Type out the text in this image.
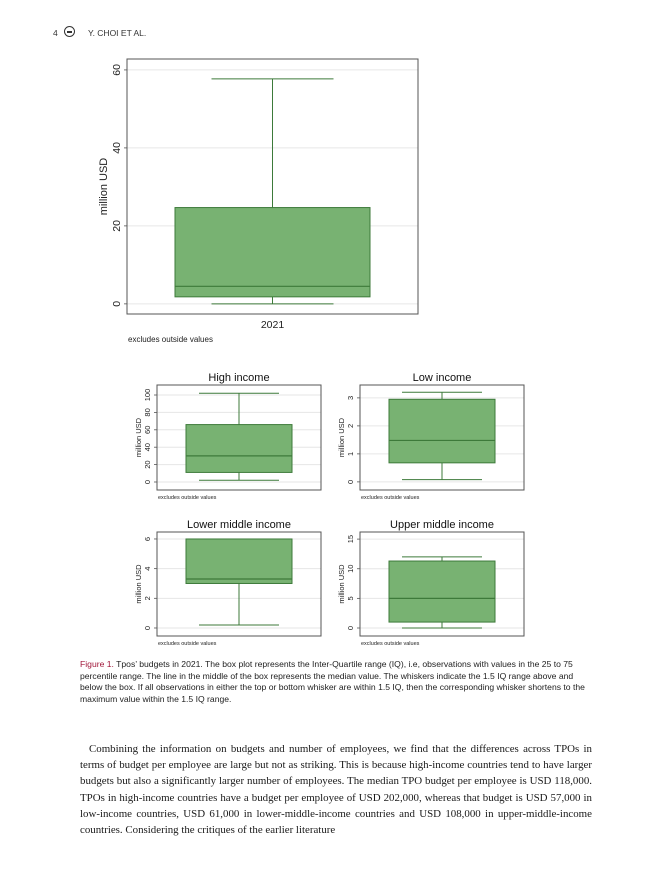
4	Y. CHOI ET AL.
0
20
40
60
million USD
2021
excludes outside values
0
20
40
60
80
100
million USD
High income
excludes outside values
0
1
2
3
million USD
Low income
excludes outside values
0
2
4
6
million USD
Lower middle income
excludes outside values
0
5
10
15
million USD
Upper middle income
excludes outside values
Figure 1. Tpos’ budgets in 2021. The box plot represents the Inter-Quartile range (IQ), i.e, observations with values in the 25 to 75 percentile range. The line in the middle of the box represents the median value. The whiskers indicate the 1.5 IQ range above and below the box. If all observations in either the top or bottom whisker are within 1.5 IQ, then the corresponding whisker shortens to the maximum value within the 1.5 IQ range.
Combining the information on budgets and number of employees, we find that the differences across TPOs in terms of budget per employee are large but not as striking. This is because high-income countries tend to have larger budgets but also a significantly larger number of employees. The median TPO budget per employee is USD 118,000. TPOs in high-income countries have a budget per employee of USD 202,000, whereas that budget is USD 57,000 in low-income countries, USD 61,000 in lower-middle-income countries and USD 108,000 in upper-middle-income countries. Considering the critiques of the earlier literature
